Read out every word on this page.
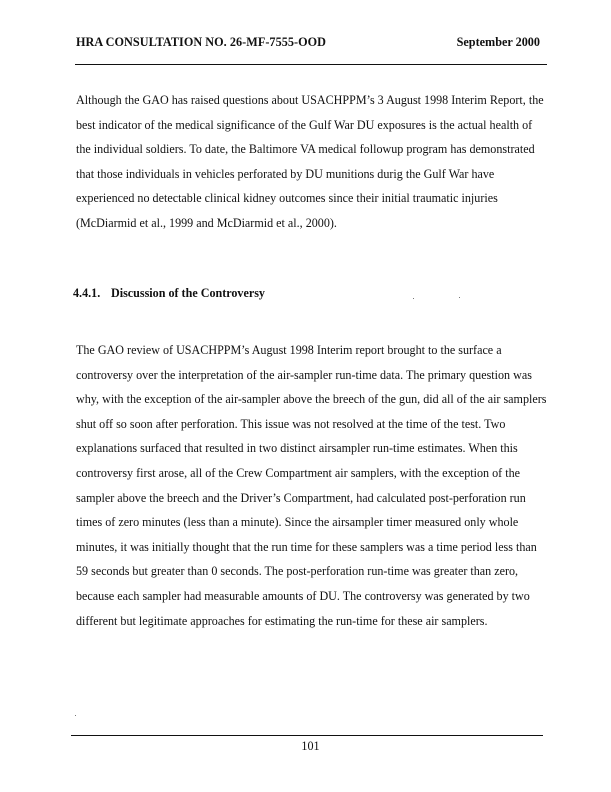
HRA CONSULTATION NO. 26-MF-7555-OOD	September 2000

Although the GAO has raised questions about USACHPPM’s 3 August 1998 Interim Report, the
best indicator of the medical significance of the Gulf War DU exposures is the actual health of
the individual soldiers. To date, the Baltimore VA medical followup program has demonstrated
that those individuals in vehicles perforated by DU munitions durig the Gulf War have
experienced no detectable clinical kidney outcomes since their initial traumatic injuries
(McDiarmid et al., 1999 and McDiarmid et al., 2000).

4.4.1. Discussion of the Controversy

The GAO review of USACHPPM’s August 1998 Interim report brought to the surface a
controversy over the interpretation of the air-sampler run-time data. The primary question was
why, with the exception of the air-sampler above the breech of the gun, did all of the air samplers
shut off so soon after perforation. This issue was not resolved at the time of the test. Two
explanations surfaced that resulted in two distinct airsampler run-time estimates. When this
controversy first arose, all of the Crew Compartment air samplers, with the exception of the
sampler above the breech and the Driver’s Compartment, had calculated post-perforation run
times of zero minutes (less than a minute). Since the airsampler timer measured only whole
minutes, it was initially thought that the run time for these samplers was a time period less than
59 seconds but greater than 0 seconds. The post-perforation run-time was greater than zero,
because each sampler had measurable amounts of DU. The controversy was generated by two
different but legitimate approaches for estimating the run-time for these air samplers.

101
